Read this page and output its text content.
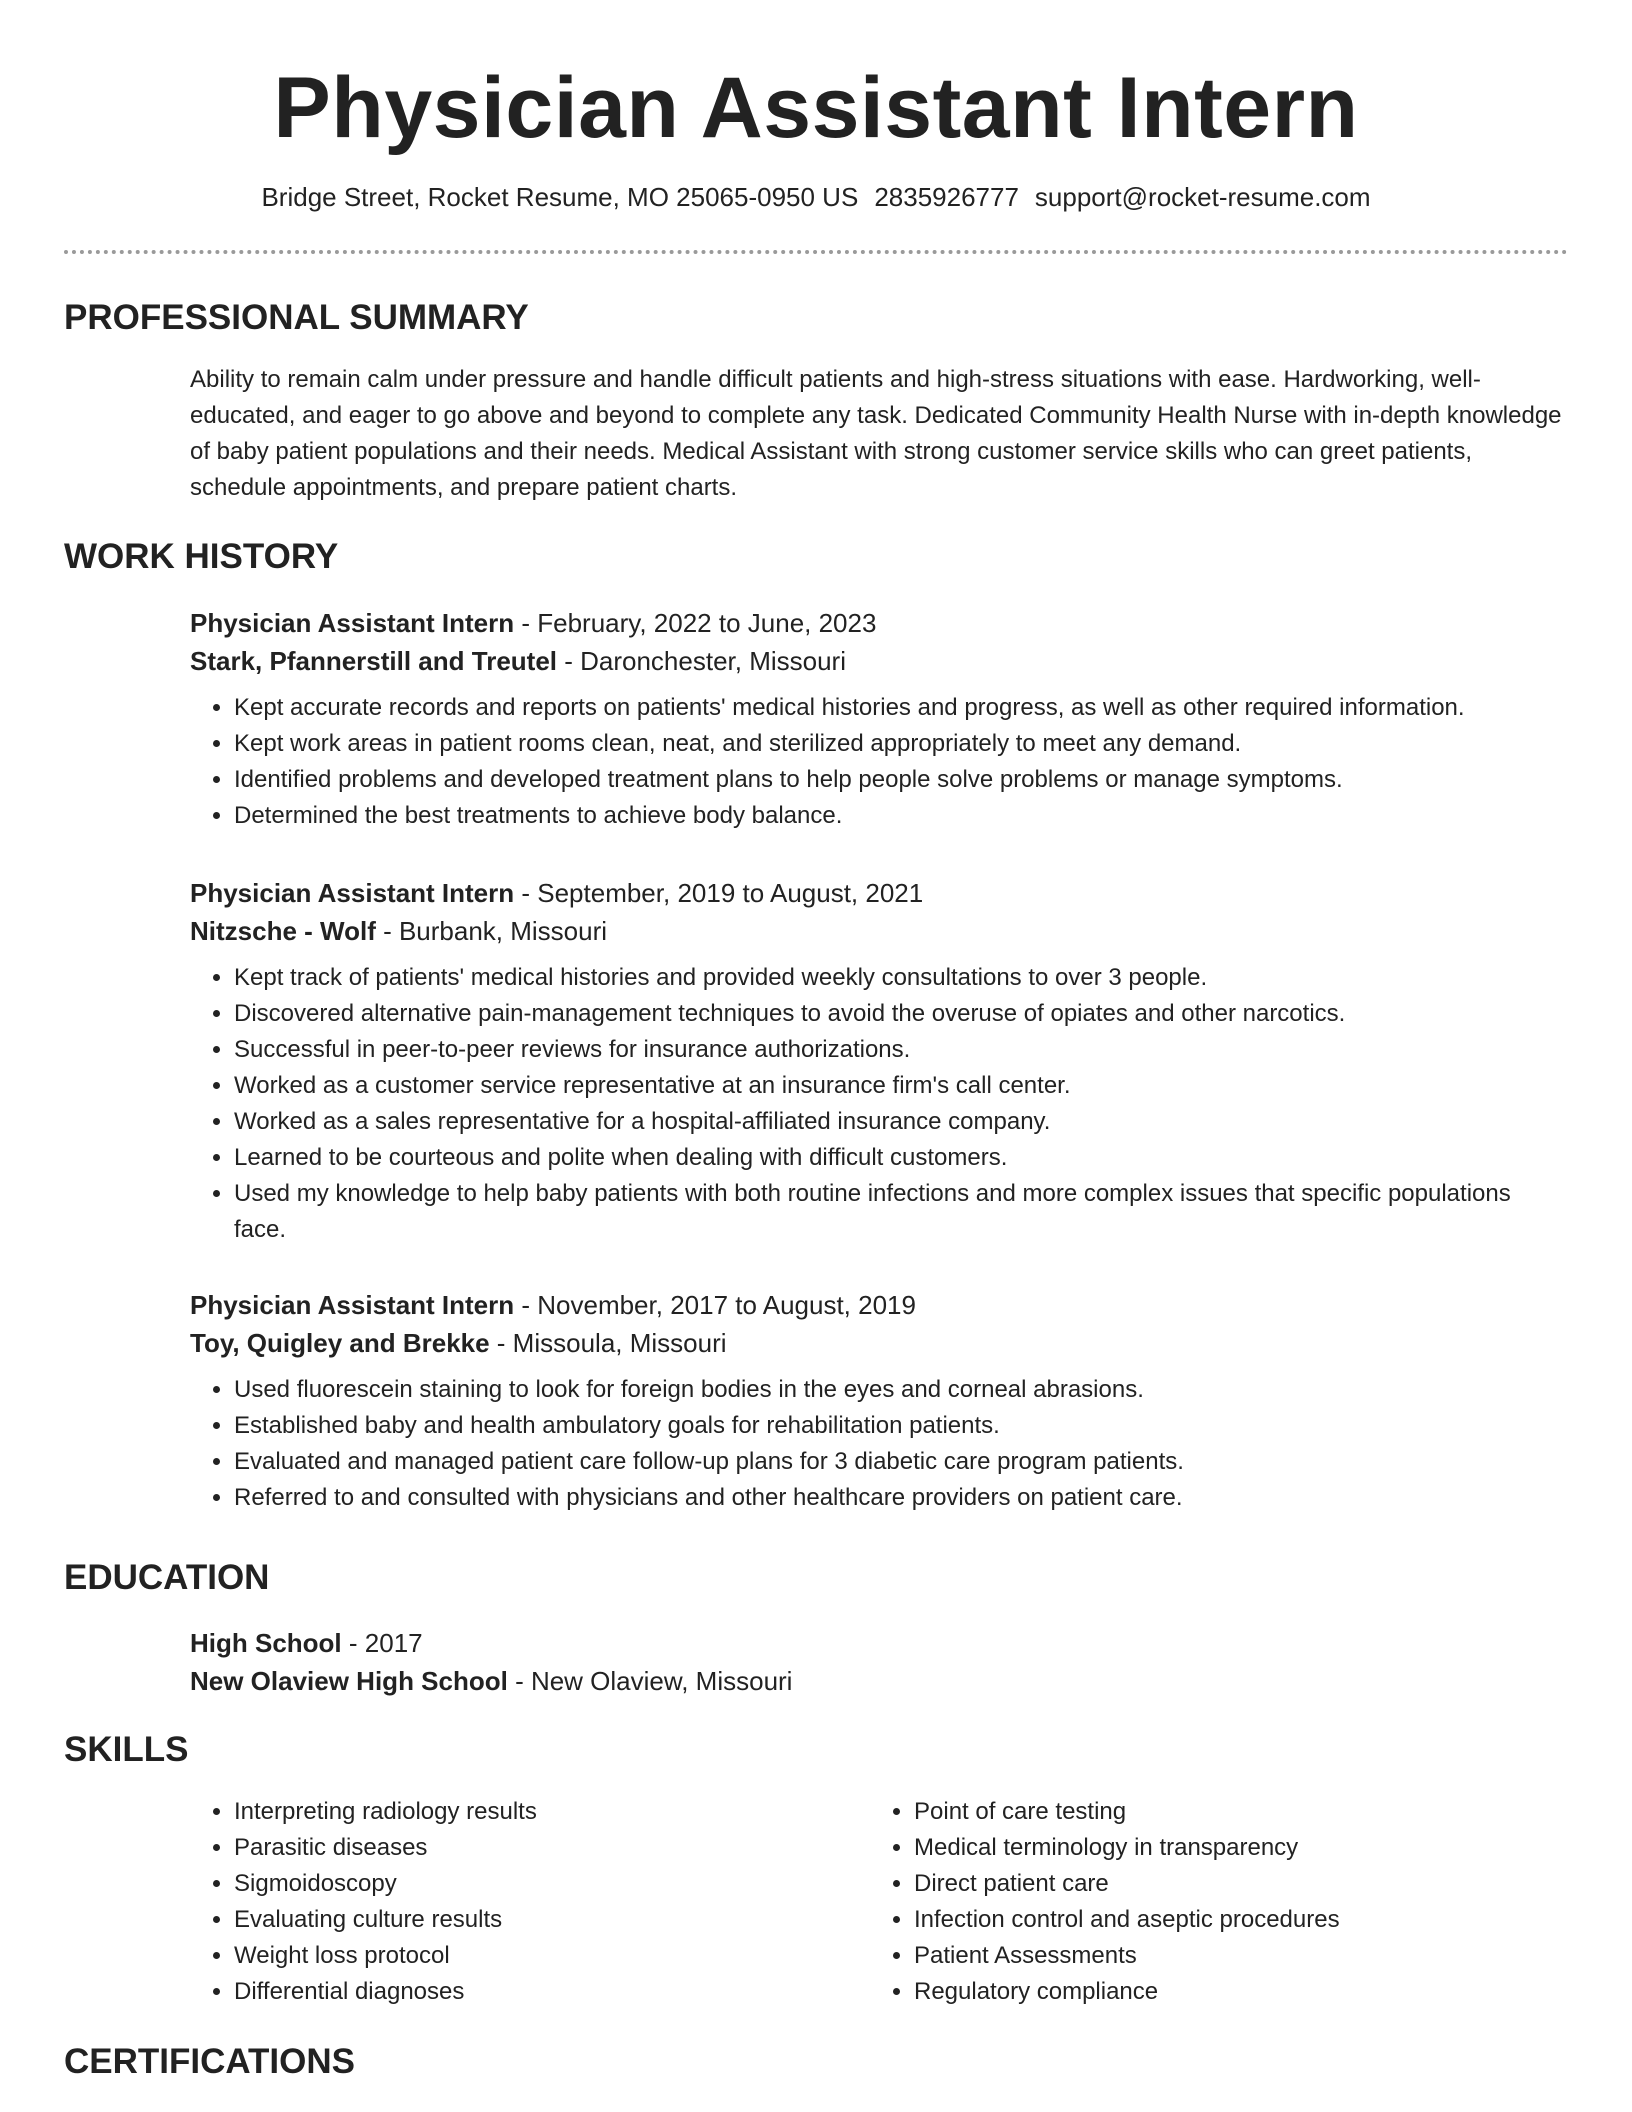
Physician Assistant Intern
Bridge Street, Rocket Resume, MO 25065-0950 US 2835926777 support@rocket-resume.com
PROFESSIONAL SUMMARY

Ability to remain calm under pressure and handle difficult patients and high-stress situations with ease. Hardworking, well-educated, and eager to go above and beyond to complete any task. Dedicated Community Health Nurse with in-depth knowledge of baby patient populations and their needs. Medical Assistant with strong customer service skills who can greet patients, schedule appointments, and prepare patient charts.

WORK HISTORY

Physician Assistant Intern - February, 2022 to June, 2023

Stark, Pfannerstill and Treutel - Daronchester, Missouri

• Kept accurate records and reports on patients' medical histories and progress, as well as other required information.
• Kept work areas in patient rooms clean, neat, and sterilized appropriately to meet any demand.
• Identified problems and developed treatment plans to help people solve problems or manage symptoms.
• Determined the best treatments to achieve body balance.

Physician Assistant Intern - September, 2019 to August, 2021

Nitzsche - Wolf - Burbank, Missouri

• Kept track of patients' medical histories and provided weekly consultations to over 3 people.
• Discovered alternative pain-management techniques to avoid the overuse of opiates and other narcotics.
• Successful in peer-to-peer reviews for insurance authorizations.
• Worked as a customer service representative at an insurance firm's call center.
• Worked as a sales representative for a hospital-affiliated insurance company.
• Learned to be courteous and polite when dealing with difficult customers.
• Used my knowledge to help baby patients with both routine infections and more complex issues that specific populations face.

Physician Assistant Intern - November, 2017 to August, 2019

Toy, Quigley and Brekke - Missoula, Missouri

• Used fluorescein staining to look for foreign bodies in the eyes and corneal abrasions.
• Established baby and health ambulatory goals for rehabilitation patients.
• Evaluated and managed patient care follow-up plans for 3 diabetic care program patients.
• Referred to and consulted with physicians and other healthcare providers on patient care.
EDUCATION

High School - 2017

New Olaview High School - New Olaview, Missouri

SKILLS
• Interpreting radiology results
• Parasitic diseases
• Sigmoidoscopy
• Evaluating culture results
• Weight loss protocol
• Differential diagnoses
• Point of care testing
• Medical terminology in transparency
• Direct patient care
• Infection control and aseptic procedures
• Patient Assessments
• Regulatory compliance
CERTIFICATIONS
